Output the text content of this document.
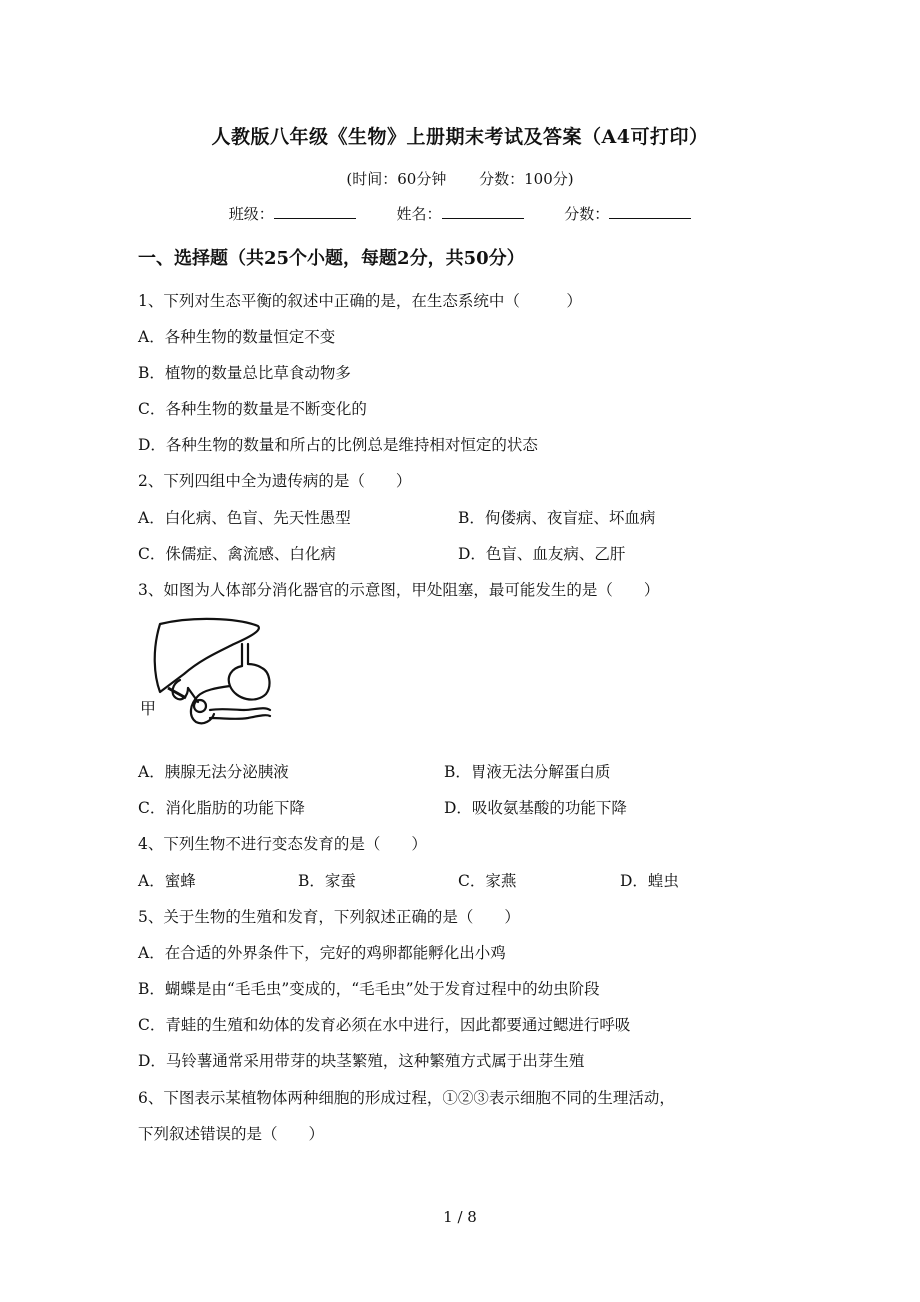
人教版八年级《生物》上册期末考试及答案（A4可打印）
(时间：60分钟 分数：100分)
班级：	姓名：	分数：
一、选择题（共25个小题，每题2分，共50分）
1、下列对生态平衡的叙述中正确的是，在生态系统中（　　　）
A．各种生物的数量恒定不变
B．植物的数量总比草食动物多
C．各种生物的数量是不断变化的
D．各种生物的数量和所占的比例总是维持相对恒定的状态
2、下列四组中全为遗传病的是（　　）
A．白化病、色盲、先天性愚型	B．佝偻病、夜盲症、坏血病
C．侏儒症、禽流感、白化病	D．色盲、血友病、乙肝
3、如图为人体部分消化器官的示意图，甲处阻塞，最可能发生的是（　　）
甲
A．胰腺无法分泌胰液	B．胃液无法分解蛋白质
C．消化脂肪的功能下降	D．吸收氨基酸的功能下降
4、下列生物不进行变态发育的是（　　）
A．蜜蜂	B．家蚕	C．家燕	D．蝗虫
5、关于生物的生殖和发育，下列叙述正确的是（　　）
A．在合适的外界条件下，完好的鸡卵都能孵化出小鸡
B．蝴蝶是由“毛毛虫”变成的，“毛毛虫”处于发育过程中的幼虫阶段
C．青蛙的生殖和幼体的发育必须在水中进行，因此都要通过鳃进行呼吸
D．马铃薯通常采用带芽的块茎繁殖，这种繁殖方式属于出芽生殖
6、下图表示某植物体两种细胞的形成过程，①②③表示细胞不同的生理活动，
下列叙述错误的是（　　）
1 / 8
